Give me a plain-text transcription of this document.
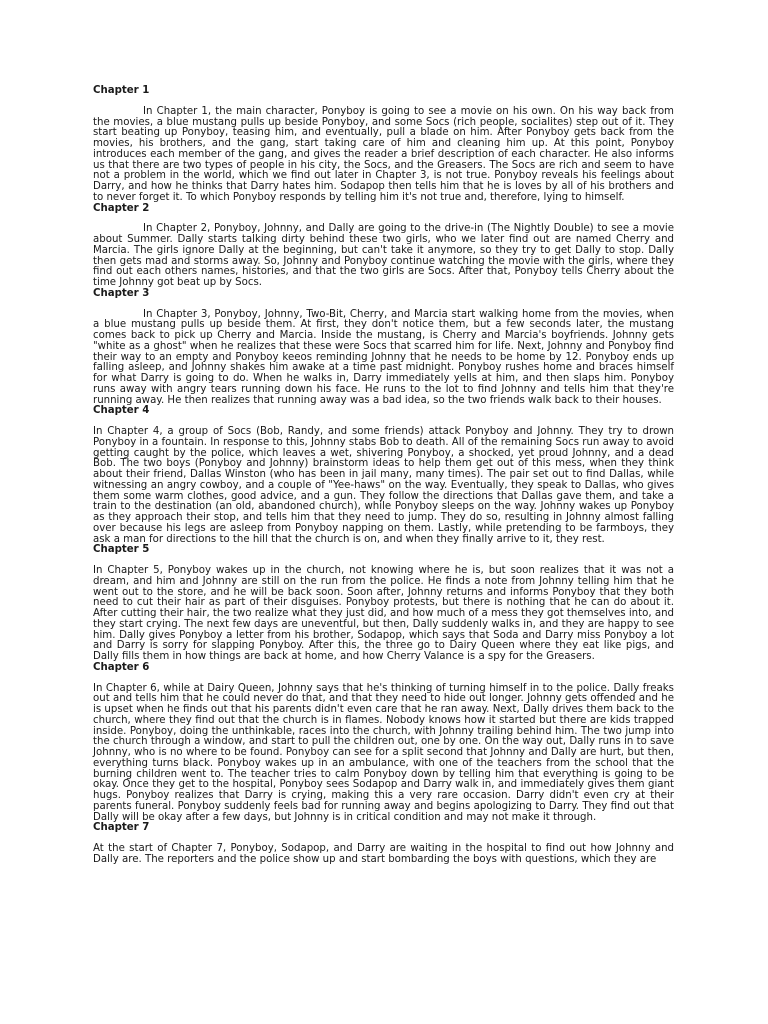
Chapter 1

In Chapter 1, the main character, Ponyboy is going to see a movie on his own. On his way back from the movies, a blue mustang pulls up beside Ponyboy, and some Socs (rich people, socialites) step out of it. They start beating up Ponyboy, teasing him, and eventually, pull a blade on him. After Ponyboy gets back from the movies, his brothers, and the gang, start taking care of him and cleaning him up. At this point, Ponyboy introduces each member of the gang, and gives the reader a brief description of each character. He also informs us that there are two types of people in his city, the Socs, and the Greasers. The Socs are rich and seem to have not a problem in the world, which we find out later in Chapter 3, is not true. Ponyboy reveals his feelings about Darry, and how he thinks that Darry hates him. Sodapop then tells him that he is loves by all of his brothers and to never forget it. To which Ponyboy responds by telling him it's not true and, therefore, lying to himself.

Chapter 2

In Chapter 2, Ponyboy, Johnny, and Dally are going to the drive-in (The Nightly Double) to see a movie about Summer. Dally starts talking dirty behind these two girls, who we later find out are named Cherry and Marcia. The girls ignore Dally at the beginning, but can't take it anymore, so they try to get Dally to stop. Dally then gets mad and storms away. So, Johnny and Ponyboy continue watching the movie with the girls, where they find out each others names, histories, and that the two girls are Socs. After that, Ponyboy tells Cherry about the time Johnny got beat up by Socs.

Chapter 3

In Chapter 3, Ponyboy, Johnny, Two-Bit, Cherry, and Marcia start walking home from the movies, when a blue mustang pulls up beside them. At first, they don't notice them, but a few seconds later, the mustang comes back to pick up Cherry and Marcia. Inside the mustang, is Cherry and Marcia's boyfriends. Johnny gets "white as a ghost" when he realizes that these were Socs that scarred him for life. Next, Johnny and Ponyboy find their way to an empty and Ponyboy keeos reminding Johnny that he needs to be home by 12. Ponyboy ends up falling asleep, and Johnny shakes him awake at a time past midnight. Ponyboy rushes home and braces himself for what Darry is going to do. When he walks in, Darry immediately yells at him, and then slaps him. Ponyboy runs away with angry tears running down his face. He runs to the lot to find Johnny and tells him that they're running away. He then realizes that running away was a bad idea, so the two friends walk back to their houses.

Chapter 4

In Chapter 4, a group of Socs (Bob, Randy, and some friends) attack Ponyboy and Johnny. They try to drown Ponyboy in a fountain. In response to this, Johnny stabs Bob to death. All of the remaining Socs run away to avoid getting caught by the police, which leaves a wet, shivering Ponyboy, a shocked, yet proud Johnny, and a dead Bob. The two boys (Ponyboy and Johnny) brainstorm ideas to help them get out of this mess, when they think about their friend, Dallas Winston (who has been in jail many, many times). The pair set out to find Dallas, while witnessing an angry cowboy, and a couple of "Yee-haws" on the way. Eventually, they speak to Dallas, who gives them some warm clothes, good advice, and a gun. They follow the directions that Dallas gave them, and take a train to the destination (an old, abandoned church), while Ponyboy sleeps on the way. Johnny wakes up Ponyboy as they approach their stop, and tells him that they need to jump. They do so, resulting in Johnny almost falling over because his legs are asleep from Ponyboy napping on them. Lastly, while pretending to be farmboys, they ask a man for directions to the hill that the church is on, and when they finally arrive to it, they rest.

Chapter 5

In Chapter 5, Ponyboy wakes up in the church, not knowing where he is, but soon realizes that it was not a dream, and him and Johnny are still on the run from the police. He finds a note from Johnny telling him that he went out to the store, and he will be back soon. Soon after, Johnny returns and informs Ponyboy that they both need to cut their hair as part of their disguises. Ponyboy protests, but there is nothing that he can do about it. After cutting their hair, the two realize what they just did, and how much of a mess they got themselves into, and they start crying. The next few days are uneventful, but then, Dally suddenly walks in, and they are happy to see him. Dally gives Ponyboy a letter from his brother, Sodapop, which says that Soda and Darry miss Ponyboy a lot and Darry is sorry for slapping Ponyboy. After this, the three go to Dairy Queen where they eat like pigs, and Dally fills them in how things are back at home, and how Cherry Valance is a spy for the Greasers.

Chapter 6

In Chapter 6, while at Dairy Queen, Johnny says that he's thinking of turning himself in to the police. Dally freaks out and tells him that he could never do that, and that they need to hide out longer. Johnny gets offended and he is upset when he finds out that his parents didn't even care that he ran away. Next, Dally drives them back to the church, where they find out that the church is in flames. Nobody knows how it started but there are kids trapped inside. Ponyboy, doing the unthinkable, races into the church, with Johnny trailing behind him. The two jump into the church through a window, and start to pull the children out, one by one. On the way out, Dally runs in to save Johnny, who is no where to be found. Ponyboy can see for a split second that Johnny and Dally are hurt, but then, everything turns black. Ponyboy wakes up in an ambulance, with one of the teachers from the school that the burning children went to. The teacher tries to calm Ponyboy down by telling him that everything is going to be okay. Once they get to the hospital, Ponyboy sees Sodapop and Darry walk in, and immediately gives them giant hugs. Ponyboy realizes that Darry is crying, making this a very rare occasion. Darry didn't even cry at their parents funeral. Ponyboy suddenly feels bad for running away and begins apologizing to Darry. They find out that Dally will be okay after a few days, but Johnny is in critical condition and may not make it through.

Chapter 7

At the start of Chapter 7, Ponyboy, Sodapop, and Darry are waiting in the hospital to find out how Johnny and Dally are. The reporters and the police show up and start bombarding the boys with questions, which they are
